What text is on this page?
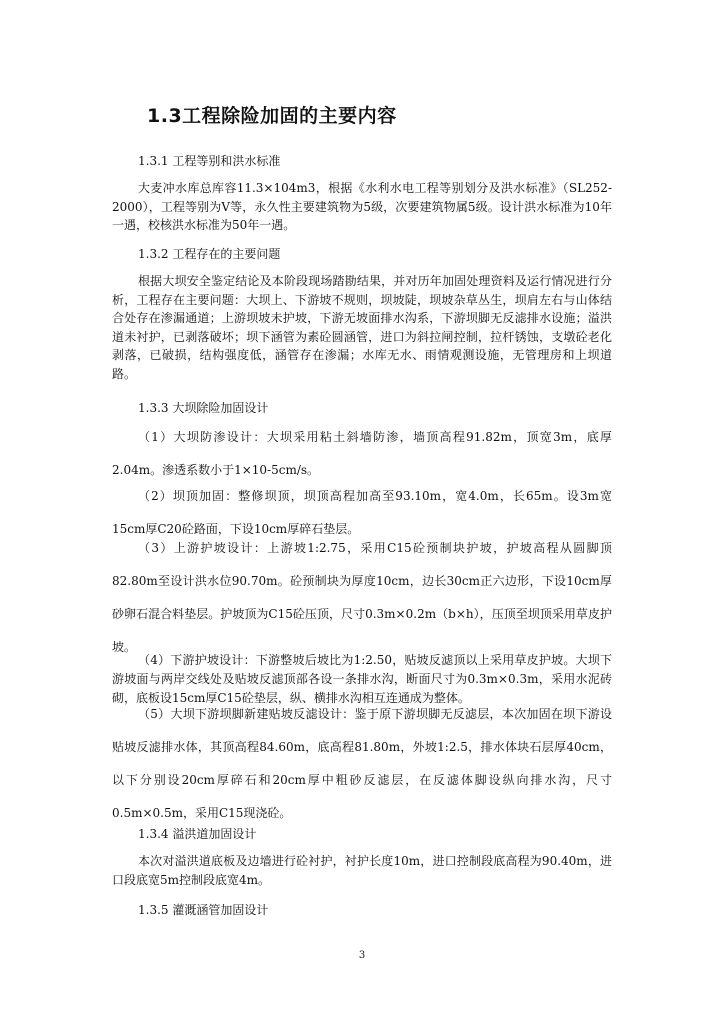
1.3工程除险加固的主要内容
1.3.1 工程等别和洪水标准

大麦冲水库总库容11.3×104m3，根据《水利水电工程等别划分及洪水标准》（SL252-2000），工程等别为Ⅴ等，永久性主要建筑物为5级，次要建筑物属5级。设计洪水标准为10年一遇，校核洪水标准为50年一遇。

1.3.2 工程存在的主要问题

根据大坝安全鉴定结论及本阶段现场踏勘结果，并对历年加固处理资料及运行情况进行分析，工程存在主要问题：大坝上、下游坡不规则，坝坡陡，坝坡杂草丛生，坝肩左右与山体结合处存在渗漏通道；上游坝坡未护坡，下游无坡面排水沟系，下游坝脚无反滤排水设施；溢洪道未衬护，已剥落破坏；坝下涵管为素砼圆涵管，进口为斜拉闸控制，拉杆锈蚀，支墩砼老化剥落，已破损，结构强度低，涵管存在渗漏；水库无水、雨情观测设施，无管理房和上坝道路。

1.3.3 大坝除险加固设计

（1）大坝防渗设计：大坝采用粘土斜墙防渗，墙顶高程91.82m，顶宽3m，底厚2.04m。渗透系数小于1×10-5cm/s。

（2）坝顶加固：整修坝顶，坝顶高程加高至93.10m，宽4.0m，长65m。设3m宽15cm厚C20砼路面，下设10cm厚碎石垫层。

（3）上游护坡设计：上游坡1:2.75，采用C15砼预制块护坡，护坡高程从圆脚顶82.80m至设计洪水位90.70m。砼预制块为厚度10cm，边长30cm正六边形，下设10cm厚砂卵石混合料垫层。护坡顶为C15砼压顶，尺寸0.3m×0.2m（b×h），压顶至坝顶采用草皮护坡。

（4）下游护坡设计：下游整坡后坡比为1:2.50，贴坡反滤顶以上采用草皮护坡。大坝下游坡面与两岸交线处及贴坡反滤顶部各设一条排水沟，断面尺寸为0.3m×0.3m，采用水泥砖砌，底板设15cm厚C15砼垫层，纵、横排水沟相互连通成为整体。

（5）大坝下游坝脚新建贴坡反滤设计：鉴于原下游坝脚无反滤层，本次加固在坝下游设贴坡反滤排水体，其顶高程84.60m，底高程81.80m，外坡1:2.5，排水体块石层厚40cm，以下分别设20cm厚碎石和20cm厚中粗砂反滤层，在反滤体脚设纵向排水沟，尺寸0.5m×0.5m，采用C15现浇砼。

1.3.4 溢洪道加固设计

本次对溢洪道底板及边墙进行砼衬护，衬护长度10m，进口控制段底高程为90.40m，进口段底宽5m控制段底宽4m。

1.3.5 灌溉涵管加固设计
3
